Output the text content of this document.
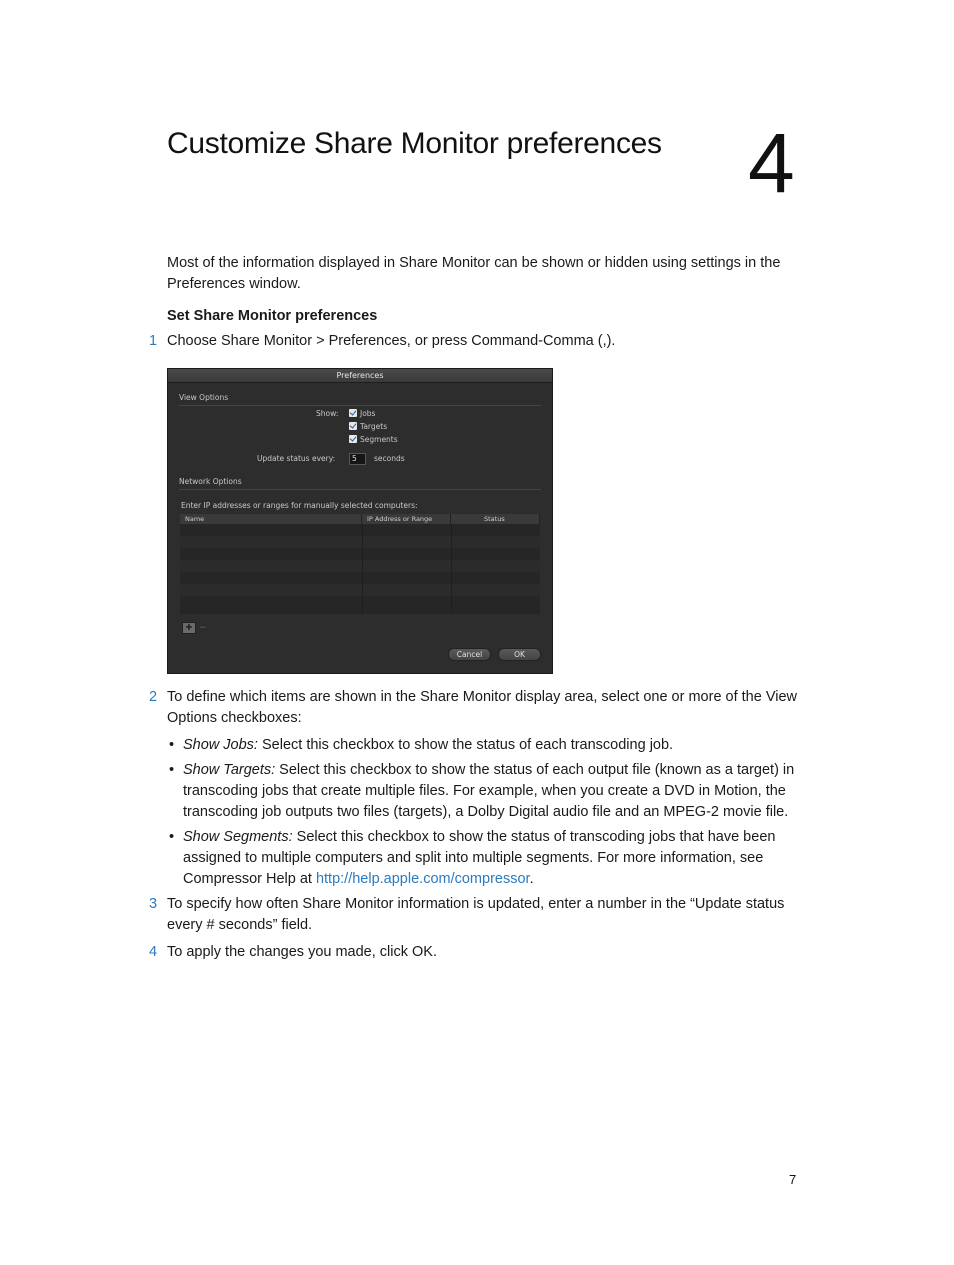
Customize Share Monitor preferences 4
Most of the information displayed in Share Monitor can be shown or hidden using settings in the Preferences window.
Set Share Monitor preferences
1 Choose Share Monitor > Preferences, or press Command-Comma (,).
Preferences
View Options
Show:	Jobs
Targets
Segments
Update status every:	5	seconds
Network Options
Enter IP addresses or ranges for manually selected computers:
Name	IP Address or Range	Status
+ −
Cancel	OK
2 To define which items are shown in the Share Monitor display area, select one or more of the View Options checkboxes:
• Show Jobs: Select this checkbox to show the status of each transcoding job.
• Show Targets: Select this checkbox to show the status of each output file (known as a target) in transcoding jobs that create multiple files. For example, when you create a DVD in Motion, the transcoding job outputs two files (targets), a Dolby Digital audio file and an MPEG-2 movie file.
• Show Segments: Select this checkbox to show the status of transcoding jobs that have been assigned to multiple computers and split into multiple segments. For more information, see Compressor Help at http://help.apple.com/compressor.
3 To specify how often Share Monitor information is updated, enter a number in the “Update status every # seconds” field.
4 To apply the changes you made, click OK.
7
